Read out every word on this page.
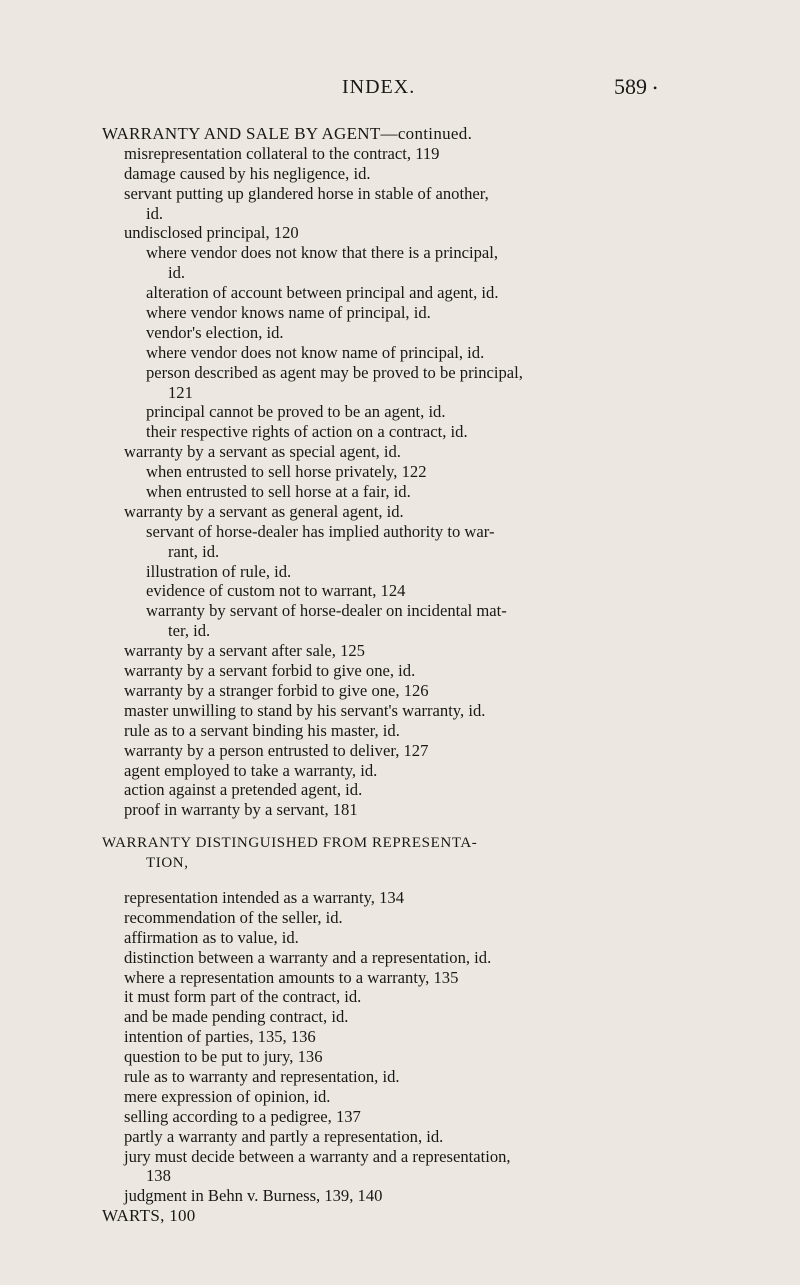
INDEX.	589 •
WARRANTY AND SALE BY AGENT—continued.
misrepresentation collateral to the contract, 119
damage caused by his negligence, id.
servant putting up glandered horse in stable of another,
id.
undisclosed principal, 120
where vendor does not know that there is a principal,
id.
alteration of account between principal and agent, id.
where vendor knows name of principal, id.
vendor's election, id.
where vendor does not know name of principal, id.
person described as agent may be proved to be principal,
121
principal cannot be proved to be an agent, id.
their respective rights of action on a contract, id.
warranty by a servant as special agent, id.
when entrusted to sell horse privately, 122
when entrusted to sell horse at a fair, id.
warranty by a servant as general agent, id.
servant of horse-dealer has implied authority to war-
rant, id.
illustration of rule, id.
evidence of custom not to warrant, 124
warranty by servant of horse-dealer on incidental mat-
ter, id.
warranty by a servant after sale, 125
warranty by a servant forbid to give one, id.
warranty by a stranger forbid to give one, 126
master unwilling to stand by his servant's warranty, id.
rule as to a servant binding his master, id.
warranty by a person entrusted to deliver, 127
agent employed to take a warranty, id.
action against a pretended agent, id.
proof in warranty by a servant, 181
WARRANTY DISTINGUISHED FROM REPRESENTA-
TION,
representation intended as a warranty, 134
recommendation of the seller, id.
affirmation as to value, id.
distinction between a warranty and a representation, id.
where a representation amounts to a warranty, 135
it must form part of the contract, id.
and be made pending contract, id.
intention of parties, 135, 136
question to be put to jury, 136
rule as to warranty and representation, id.
mere expression of opinion, id.
selling according to a pedigree, 137
partly a warranty and partly a representation, id.
jury must decide between a warranty and a representation,
138
judgment in Behn v. Burness, 139, 140
WARTS, 100
